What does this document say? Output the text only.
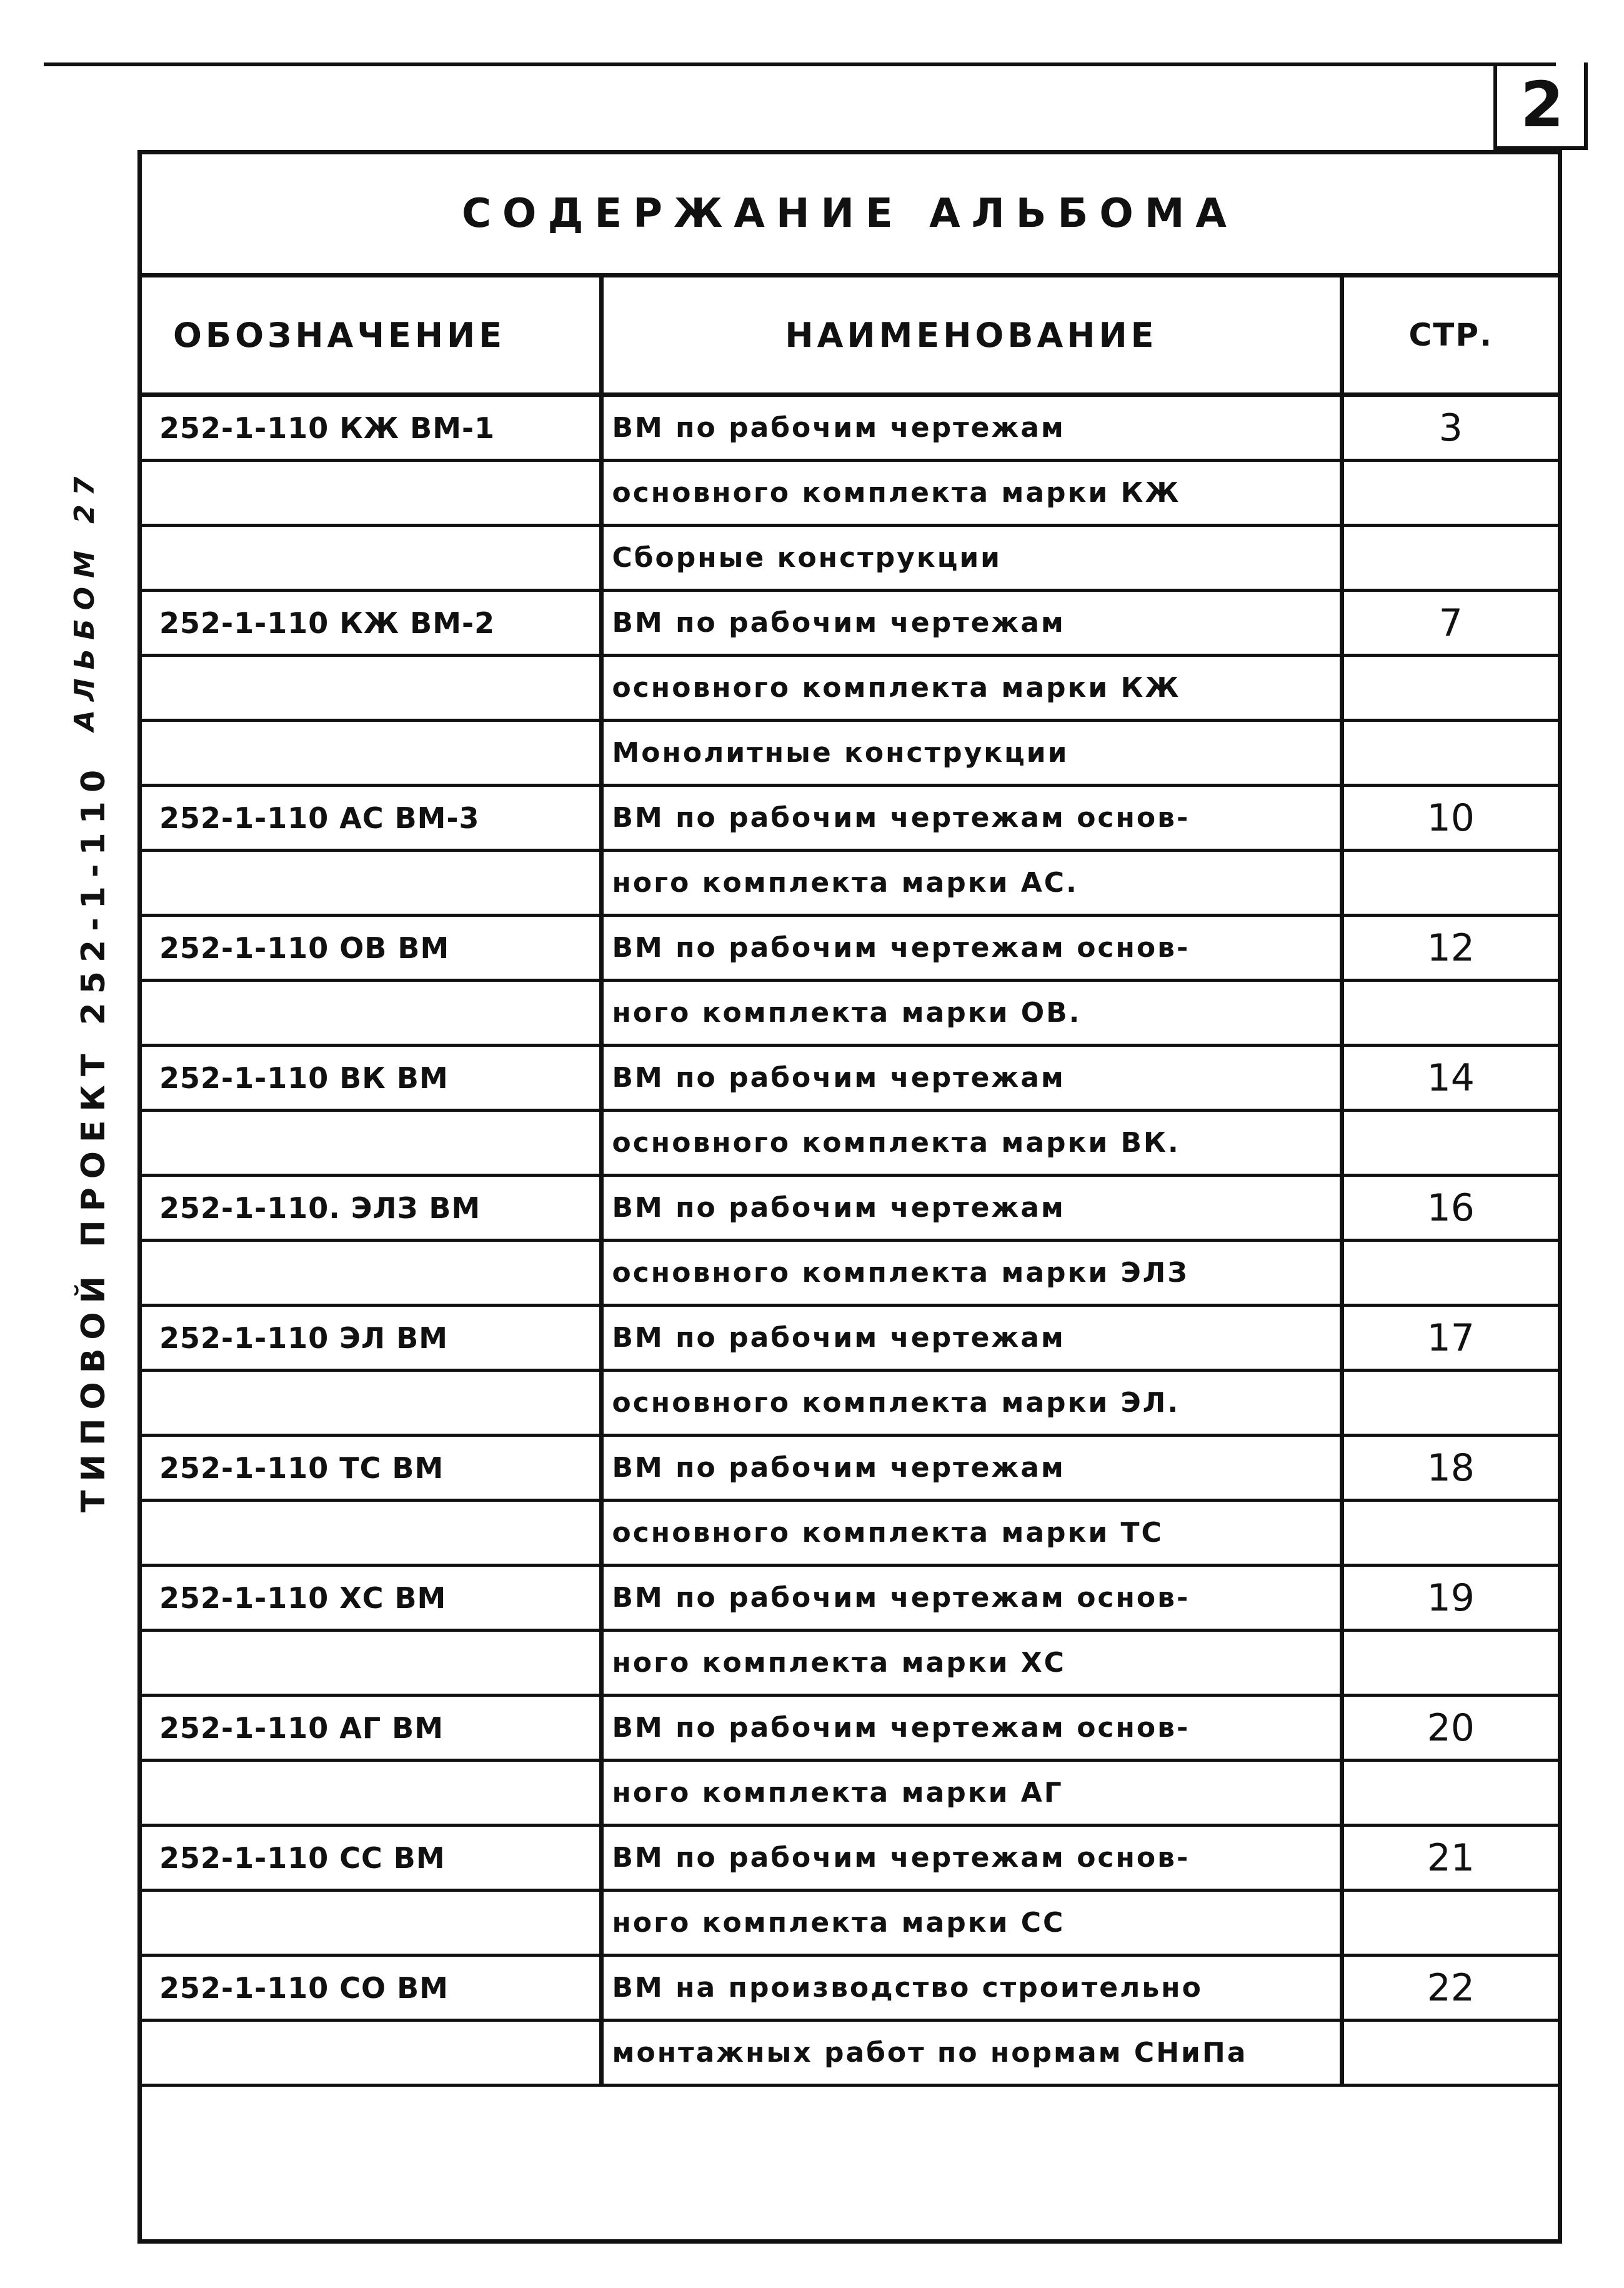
2
АЛЬБОМ 27
ТИПОВОЙ ПРОЕКТ 252-1-110
СОДЕРЖАНИЕ АЛЬБОМА
ОБОЗНАЧЕНИЕ	НАИМЕНОВАНИЕ	СТР.
252-1-110 КЖ ВМ-1	ВМ по рабочим чертежам	3
	основного комплекта марки КЖ	
	Сборные конструкции	
252-1-110 КЖ ВМ-2	ВМ по рабочим чертежам	7
	основного комплекта марки КЖ	
	Монолитные конструкции	
252-1-110 АС ВМ-3	ВМ по рабочим чертежам основ-	10
	ного комплекта марки АС.	
252-1-110 ОВ ВМ	ВМ по рабочим чертежам основ-	12
	ного комплекта марки ОВ.	
252-1-110 ВК ВМ	ВМ по рабочим чертежам	14
	основного комплекта марки ВК.	
252-1-110. ЭЛЗ ВМ	ВМ по рабочим чертежам	16
	основного комплекта марки ЭЛЗ	
252-1-110 ЭЛ ВМ	ВМ по рабочим чертежам	17
	основного комплекта марки ЭЛ.	
252-1-110 ТС ВМ	ВМ по рабочим чертежам	18
	основного комплекта марки ТС	
252-1-110 ХС ВМ	ВМ по рабочим чертежам основ-	19
	ного комплекта марки ХС	
252-1-110 АГ ВМ	ВМ по рабочим чертежам основ-	20
	ного комплекта марки АГ	
252-1-110 СС ВМ	ВМ по рабочим чертежам основ-	21
	ного комплекта марки СС	
252-1-110 СО ВМ	ВМ на производство строительно	22
	монтажных работ по нормам СНиПа	
